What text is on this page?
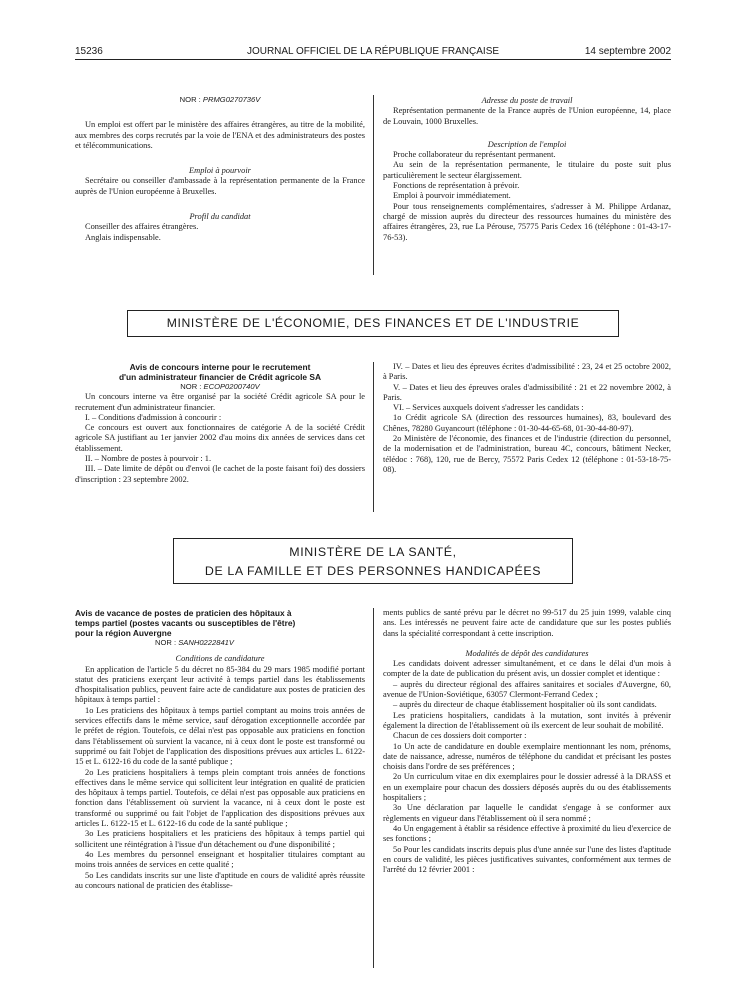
15236	JOURNAL OFFICIEL DE LA RÉPUBLIQUE FRANÇAISE	14 septembre 2002

NOR : PRMG0270736V

Un emploi est offert par le ministère des affaires étrangères, au titre de la mobilité, aux membres des corps recrutés par la voie de l'ENA et des administrateurs des postes et télécommunications.

Emploi à pourvoir

Secrétaire ou conseiller d'ambassade à la représentation permanente de la France auprès de l'Union européenne à Bruxelles.

Profil du candidat

Conseiller des affaires étrangères.

Anglais indispensable.

Adresse du poste de travail

Représentation permanente de la France auprès de l'Union européenne, 14, place de Louvain, 1000 Bruxelles.

Description de l'emploi

Proche collaborateur du représentant permanent.

Au sein de la représentation permanente, le titulaire du poste suit plus particulièrement le secteur élargissement.

Fonctions de représentation à prévoir.

Emploi à pourvoir immédiatement.

Pour tous renseignements complémentaires, s'adresser à M. Philippe Ardanaz, chargé de mission auprès du directeur des ressources humaines du ministère des affaires étrangères, 23, rue La Pérouse, 75775 Paris Cedex 16 (téléphone : 01-43-17-76-53).

MINISTÈRE DE L'ÉCONOMIE, DES FINANCES ET DE L'INDUSTRIE

Avis de concours interne pour le recrutement
d'un administrateur financier de Crédit agricole SA

NOR : ECOP0200740V

Un concours interne va être organisé par la société Crédit agricole SA pour le recrutement d'un administrateur financier.

I. – Conditions d'admission à concourir :

Ce concours est ouvert aux fonctionnaires de catégorie A de la société Crédit agricole SA justifiant au 1er janvier 2002 d'au moins dix années de services dans cet établissement.

II. – Nombre de postes à pourvoir : 1.

III. – Date limite de dépôt ou d'envoi (le cachet de la poste faisant foi) des dossiers d'inscription : 23 septembre 2002.

IV. – Dates et lieu des épreuves écrites d'admissibilité : 23, 24 et 25 octobre 2002, à Paris.

V. – Dates et lieu des épreuves orales d'admissibilité : 21 et 22 novembre 2002, à Paris.

VI. – Services auxquels doivent s'adresser les candidats :

1o Crédit agricole SA (direction des ressources humaines), 83, boulevard des Chênes, 78280 Guyancourt (téléphone : 01-30-44-65-68, 01-30-44-80-97).

2o Ministère de l'économie, des finances et de l'industrie (direction du personnel, de la modernisation et de l'administration, bureau 4C, concours, bâtiment Necker, télédoc : 768), 120, rue de Bercy, 75572 Paris Cedex 12 (téléphone : 01-53-18-75-08).

MINISTÈRE DE LA SANTÉ,
DE LA FAMILLE ET DES PERSONNES HANDICAPÉES

Avis de vacance de postes de praticien des hôpitaux à
temps partiel (postes vacants ou susceptibles de l'être)
pour la région Auvergne

NOR : SANH0222841V

Conditions de candidature

En application de l'article 5 du décret no 85-384 du 29 mars 1985 modifié portant statut des praticiens exerçant leur activité à temps partiel dans les établissements d'hospitalisation publics, peuvent faire acte de candidature aux postes de praticien des hôpitaux à temps partiel :

1o Les praticiens des hôpitaux à temps partiel comptant au moins trois années de services effectifs dans le même service, sauf dérogation exceptionnelle accordée par le préfet de région. Toutefois, ce délai n'est pas opposable aux praticiens en fonction dans l'établissement où survient la vacance, ni à ceux dont le poste est transformé ou supprimé ou fait l'objet de l'application des dispositions prévues aux articles L. 6122-15 et L. 6122-16 du code de la santé publique ;

2o Les praticiens hospitaliers à temps plein comptant trois années de fonctions effectives dans le même service qui sollicitent leur intégration en qualité de praticien des hôpitaux à temps partiel. Toutefois, ce délai n'est pas opposable aux praticiens en fonction dans l'établissement où survient la vacance, ni à ceux dont le poste est transformé ou supprimé ou fait l'objet de l'application des dispositions prévues aux articles L. 6122-15 et L. 6122-16 du code de la santé publique ;

3o Les praticiens hospitaliers et les praticiens des hôpitaux à temps partiel qui sollicitent une réintégration à l'issue d'un détachement ou d'une disponibilité ;

4o Les membres du personnel enseignant et hospitalier titulaires comptant au moins trois années de services en cette qualité ;

5o Les candidats inscrits sur une liste d'aptitude en cours de validité après réussite au concours national de praticien des établisse-

ments publics de santé prévu par le décret no 99-517 du 25 juin 1999, valable cinq ans. Les intéressés ne peuvent faire acte de candidature que sur les postes publiés dans la spécialité correspondant à cette inscription.

Modalités de dépôt des candidatures

Les candidats doivent adresser simultanément, et ce dans le délai d'un mois à compter de la date de publication du présent avis, un dossier complet et identique :

– auprès du directeur régional des affaires sanitaires et sociales d'Auvergne, 60, avenue de l'Union-Soviétique, 63057 Clermont-Ferrand Cedex ;

– auprès du directeur de chaque établissement hospitalier où ils sont candidats.

Les praticiens hospitaliers, candidats à la mutation, sont invités à prévenir également la direction de l'établissement où ils exercent de leur souhait de mobilité.

Chacun de ces dossiers doit comporter :

1o Un acte de candidature en double exemplaire mentionnant les nom, prénoms, date de naissance, adresse, numéros de téléphone du candidat et précisant les postes choisis dans l'ordre de ses préférences ;

2o Un curriculum vitae en dix exemplaires pour le dossier adressé à la DRASS et en un exemplaire pour chacun des dossiers déposés auprès du ou des établissements hospitaliers ;

3o Une déclaration par laquelle le candidat s'engage à se conformer aux règlements en vigueur dans l'établissement où il sera nommé ;

4o Un engagement à établir sa résidence effective à proximité du lieu d'exercice de ses fonctions ;

5o Pour les candidats inscrits depuis plus d'une année sur l'une des listes d'aptitude en cours de validité, les pièces justificatives suivantes, conformément aux termes de l'arrêté du 12 février 2001 :
